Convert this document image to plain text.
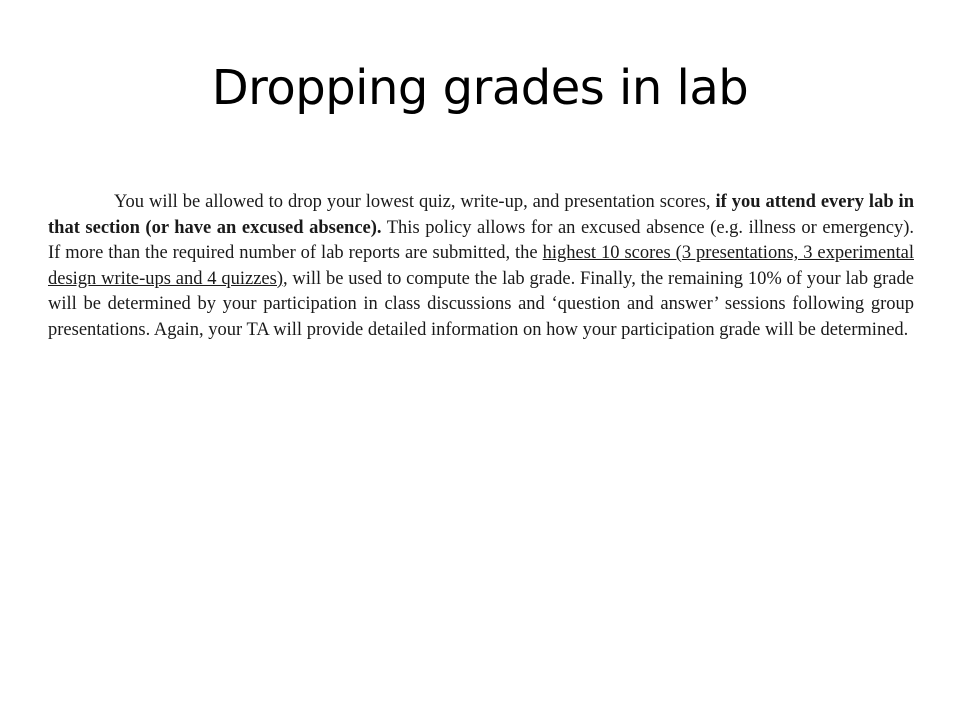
Dropping grades in lab

You will be allowed to drop your lowest quiz, write-up, and presentation scores, if you attend every lab in that section (or have an excused absence). This policy allows for an excused absence (e.g. illness or emergency). If more than the required number of lab reports are submitted, the highest 10 scores (3 presentations, 3 experimental design write-ups and 4 quizzes), will be used to compute the lab grade. Finally, the remaining 10% of your lab grade will be determined by your participation in class discussions and ‘question and answer’ sessions following group presentations. Again, your TA will provide detailed information on how your participation grade will be determined.
